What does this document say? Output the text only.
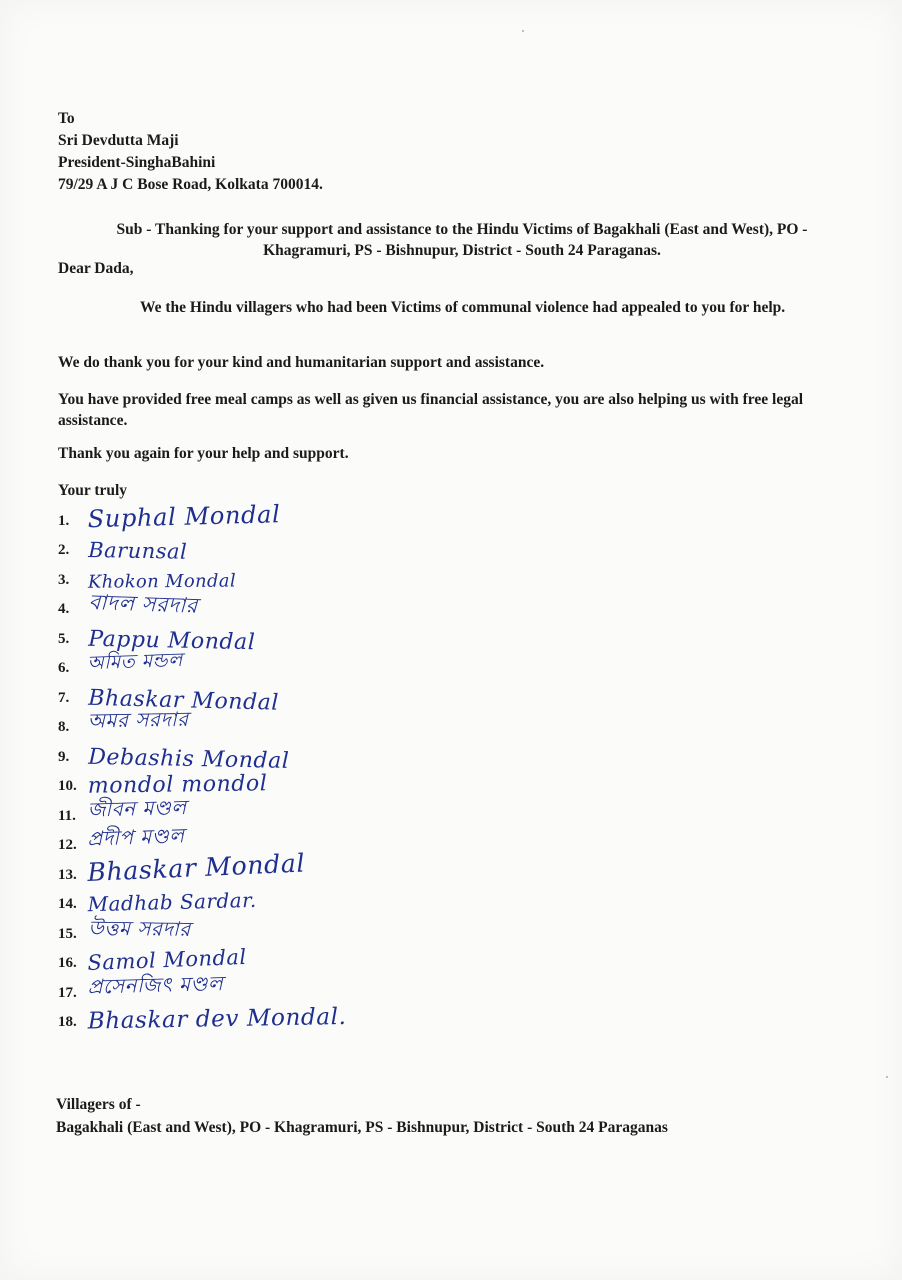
To
Sri Devdutta Maji
President-SinghaBahini
79/29 A J C Bose Road, Kolkata 700014.
Sub - Thanking for your support and assistance to the Hindu Victims of Bagakhali (East and West), PO -
Khagramuri, PS - Bishnupur, District - South 24 Paraganas.
Dear Dada,
We the Hindu villagers who had been Victims of communal violence had appealed to you for help.
We do thank you for your kind and humanitarian support and assistance.
You have provided free meal camps as well as given us financial assistance, you are also helping us with free legal assistance.
Thank you again for your help and support.
Your truly
1. Suphal Mondal
2. Barunsal
3. Khokon Mondal
4. বাদল সরদার
5. Pappu Mondal
6. অমিত মন্ডল
7. Bhaskar Mondal
8. অমর সরদার
9. Debashis Mondal
10. mondol mondol
11. জীবন মণ্ডল
12. প্রদীপ মণ্ডল
13. Bhaskar Mondal
14. Madhab Sardar.
15. উত্তম সরদার
16. Samol Mondal
17. প্রসেনজিৎ মণ্ডল
18. Bhaskar dev Mondal.
Villagers of -
Bagakhali (East and West), PO - Khagramuri, PS - Bishnupur, District - South 24 Paraganas
